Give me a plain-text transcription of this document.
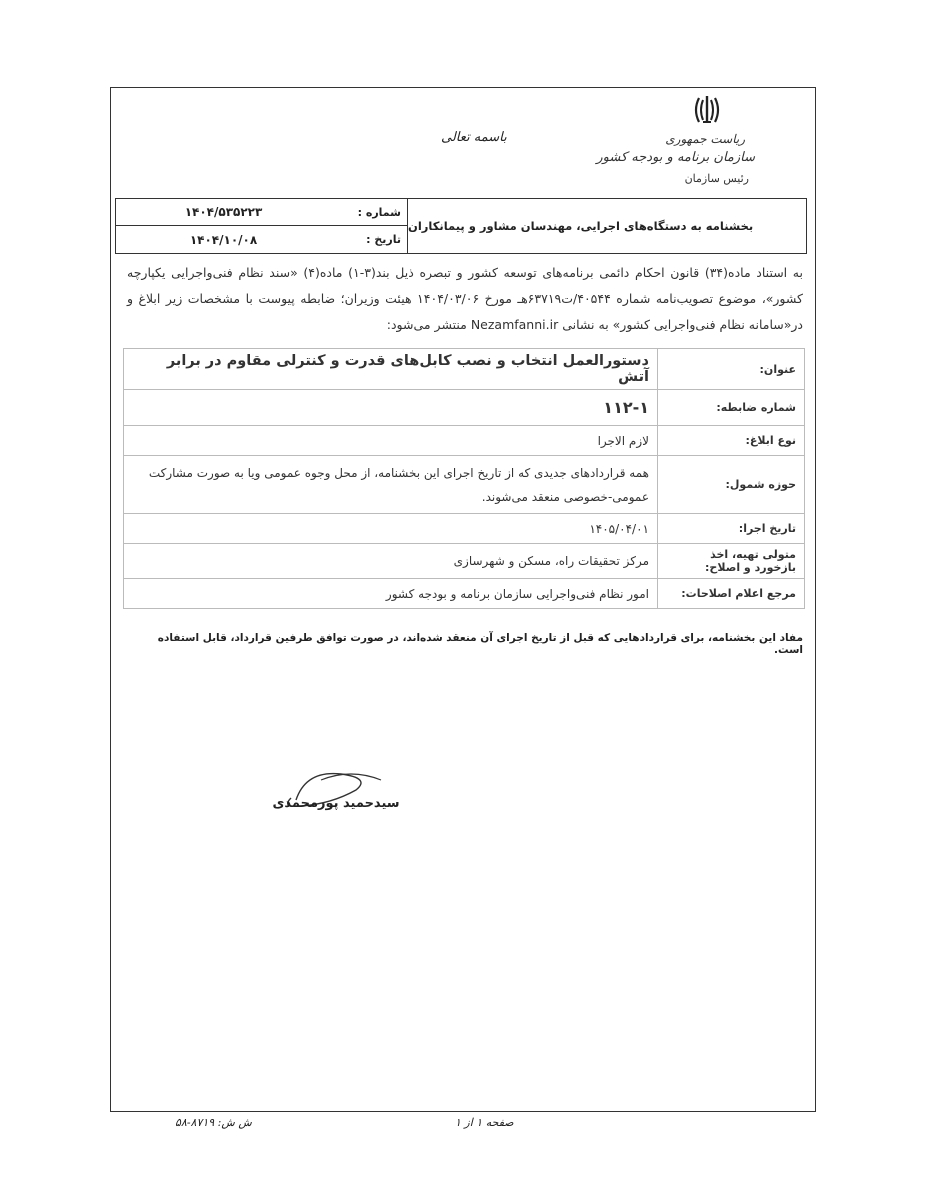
ریاست جمهوری
سازمان برنامه و بودجه کشور
رئیس سازمان
باسمه تعالی
شماره :
۱۴۰۴/۵۳۵۲۲۳
تاریخ :
۱۴۰۴/۱۰/۰۸
بخشنامه به دستگاه‌های اجرایی، مهندسان مشاور و پیمانکاران
به استناد ماده(۳۴) قانون احکام دائمی برنامه‌های توسعه کشور و تبصره ذیل بند(۳-۱) ماده(۴) «سند نظام فنی‌واجرایی یکپارچه کشور»، موضوع تصویب‌نامه شماره ۴۰۵۴۴/ت۶۳۷۱۹هـ مورخ ۱۴۰۴/۰۳/۰۶ هیئت وزیران؛ ضابطه پیوست با مشخصات زیر ابلاغ و در«سامانه نظام فنی‌واجرایی کشور» به نشانی Nezamfanni.ir منتشر می‌شود:
عنوان:	دستورالعمل انتخاب و نصب کابل‌های قدرت و کنترلی مقاوم در برابر آتش
شماره ضابطه:	۱۱۲-۱
نوع ابلاغ:	لازم الاجرا
حوزه شمول:	همه قراردادهای جدیدی که از تاریخ اجرای این بخشنامه، از محل وجوه عمومی و‌یا به صورت مشارکت عمومی-خصوصی منعقد می‌شوند.
تاریخ اجرا:	۱۴۰۵/۰۴/۰۱
متولی تهیه، اخذ بازخورد و اصلاح:	مرکز تحقیقات راه، مسکن و شهرسازی
مرجع اعلام اصلاحات:	امور نظام فنی‌واجرایی سازمان برنامه و بودجه کشور
مفاد این بخشنامه، برای قراردادهایی که قبل از تاریخ اجرای آن منعقد شده‌اند، در صورت توافق طرفین قرارداد، قابل استفاده است.
سیدحمید پورمحمدی
ش ش: ۸۷۱۹-۵۸	صفحه ۱ از ۱
